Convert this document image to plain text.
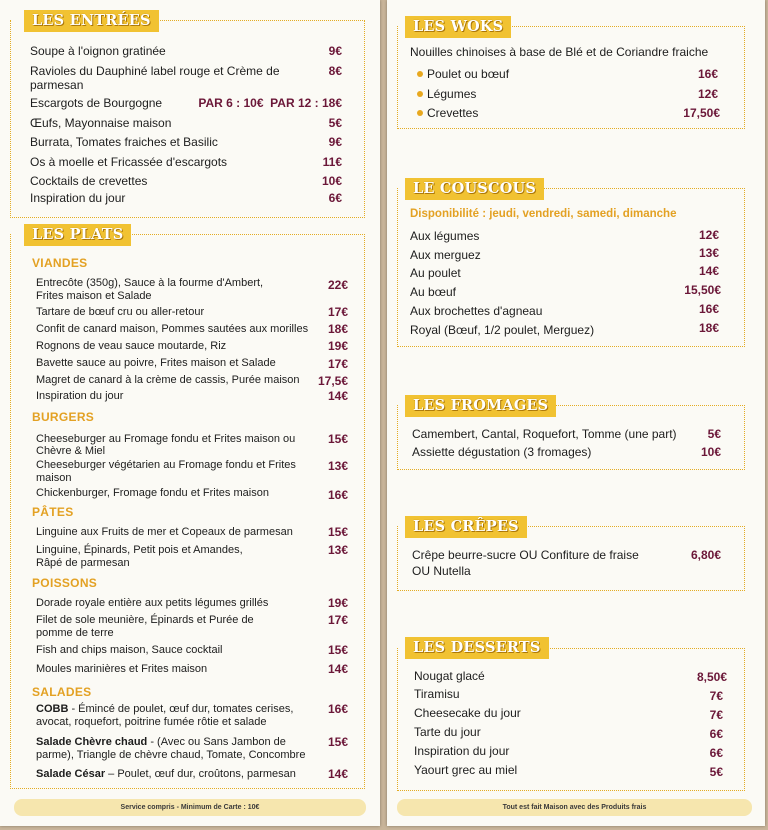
LES ENTRÉES
Soupe à l'oignon gratinée	9€
Ravioles du Dauphiné label rouge et Crème de
parmesan
8€
Escargots de Bourgogne	PAR 6 : 10€  PAR 12 : 18€
Œufs, Mayonnaise maison	5€
Burrata, Tomates fraiches et Basilic	9€
Os à moelle et Fricassée d'escargots	11€
Cocktails de crevettes	10€
Inspiration du jour	6€
LES PLATS
VIANDES
Entrecôte (350g), Sauce à la fourme d'Ambert,
Frites maison et Salade
22€
Tartare de bœuf cru ou aller-retour	17€
Confit de canard maison, Pommes sautées aux morilles 18€
Rognons de veau sauce moutarde, Riz	19€
Bavette sauce au poivre, Frites maison et Salade	17€
Magret de canard à la crème de cassis, Purée maison 17,5€
Inspiration du jour	14€
BURGERS
Cheeseburger au Fromage fondu et Frites maison ou
Chèvre & Miel
15€
Cheeseburger végétarien au Fromage fondu et Frites
maison
13€
Chickenburger, Fromage fondu et Frites maison	16€
PÂTES
Linguine aux Fruits de mer et Copeaux de parmesan	15€
Linguine, Épinards, Petit pois et Amandes,
Râpé de parmesan
13€
POISSONS
Dorade royale entière aux petits légumes grillés	19€
Filet de sole meunière, Épinards et Purée de
pomme de terre
17€
Fish and chips maison, Sauce cocktail	15€
Moules marinières et Frites maison	14€
SALADES
COBB - Émincé de poulet, œuf dur, tomates cerises,
avocat, roquefort, poitrine fumée rôtie et salade
16€
Salade Chèvre chaud - (Avec ou Sans Jambon de
parme), Triangle de chèvre chaud, Tomate, Concombre
15€
Salade César – Poulet, œuf dur, croûtons, parmesan	14€
Service compris - Minimum de Carte : 10€
LES WOKS
Nouilles chinoises à base de Blé et de Coriandre fraiche
Poulet ou bœuf	16€
Légumes	12€
Crevettes	17,50€
LE COUSCOUS
Disponibilité : jeudi, vendredi, samedi, dimanche
Aux légumes	12€
Aux merguez	13€
Au poulet	14€
Au bœuf	15,50€
Aux brochettes d'agneau	16€
Royal (Bœuf, 1/2 poulet, Merguez)	18€
LES FROMAGES
Camembert, Cantal, Roquefort, Tomme (une part)	5€
Assiette dégustation (3 fromages)	10€
LES CRÊPES
Crêpe beurre-sucre OU Confiture de fraise
OU Nutella
6,80€
LES DESSERTS
Nougat glacé	8,50€
Tiramisu	7€
Cheesecake du jour	7€
Tarte du jour	6€
Inspiration du jour	6€
Yaourt grec au miel	5€
Tout est fait Maison avec des Produits frais
